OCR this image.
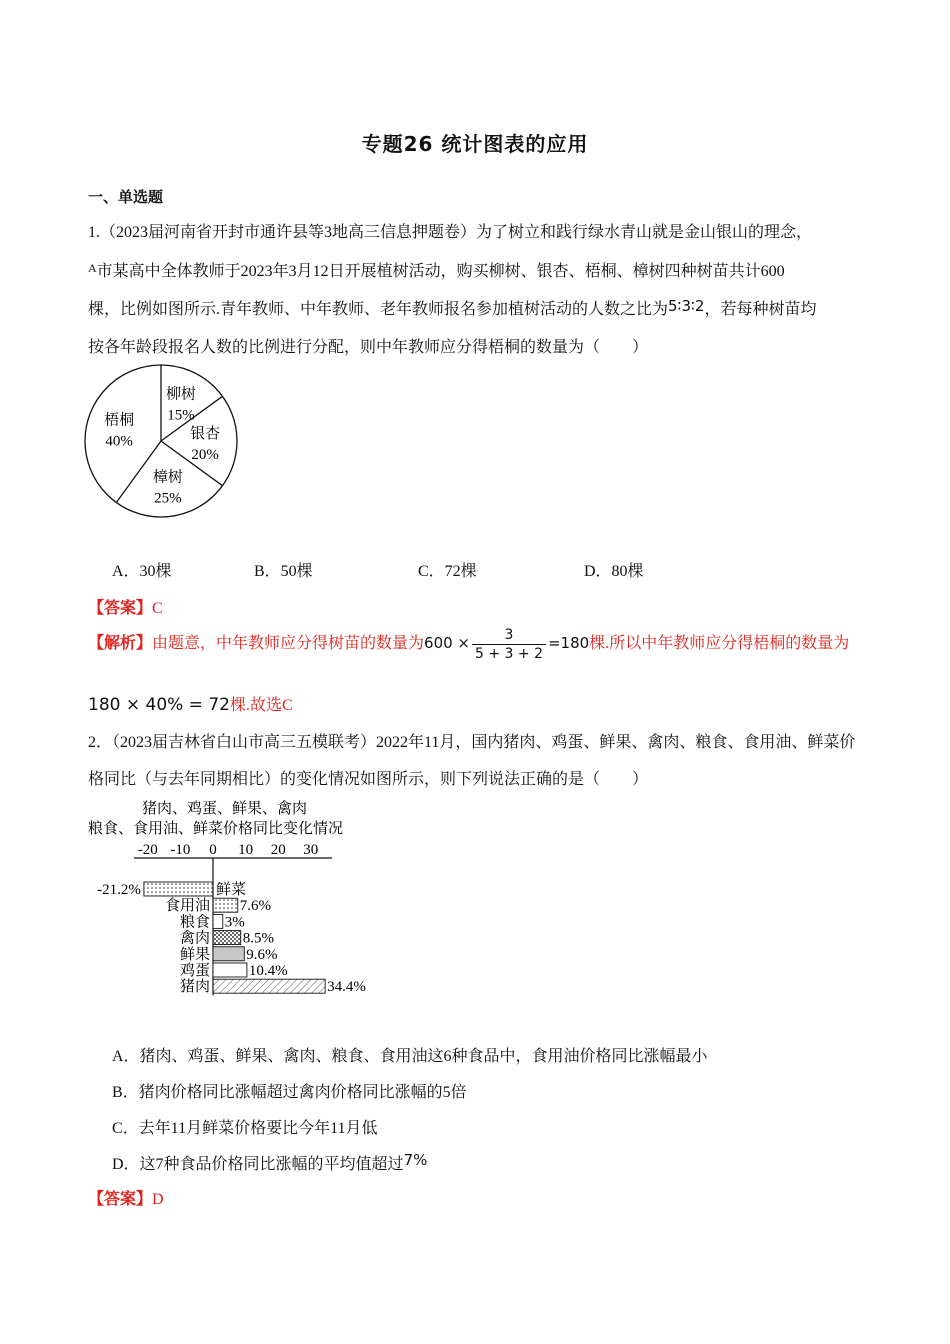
专题26 统计图表的应用
一、单选题
1.（2023届河南省开封市通许县等3地高三信息押题卷）为了树立和践行绿水青山就是金山银山的理念，
$^A$市某高中全体教师于2023年3月12日开展植树活动，购买柳树、银杏、梧桐、樟树四种树苗共计600
棵，比例如图所示.青年教师、中年教师、老年教师报名参加植树活动的人数之比为5∶3∶2，若每种树苗均
按各年龄段报名人数的比例进行分配，则中年教师应分得梧桐的数量为（　　）
柳树
15%
银杏
20%
樟树
25%
梧桐
40%
A．30棵	B．50棵	C．72棵	D．80棵
【答案】C
【解析】由题意，中年教师应分得树苗的数量为$600 \times \frac{3}{5 + 3 + 2} =180$棵.所以中年教师应分得梧桐的数量为
180 × 40% = 72棵.故选C
2．（2023届吉林省白山市高三五模联考）2022年11月，国内猪肉、鸡蛋、鲜果、禽肉、粮食、食用油、鲜菜价
格同比（与去年同期相比）的变化情况如图所示，则下列说法正确的是（　　）
猪肉、鸡蛋、鲜果、禽肉
粮食、食用油、鲜菜价格同比变化情况
-20 -10 0 10 20 30
鲜菜
-21.2%
食用油 7.6%
粮食 3%
禽肉 8.5%
鲜果 9.6%
鸡蛋	10.4%
猪肉	34.4%
A．猪肉、鸡蛋、鲜果、禽肉、粮食、食用油这6种食品中，食用油价格同比涨幅最小
B．猪肉价格同比涨幅超过禽肉价格同比涨幅的5倍
C．去年11月鲜菜价格要比今年11月低
D．这7种食品价格同比涨幅的平均值超过7%
【答案】D
